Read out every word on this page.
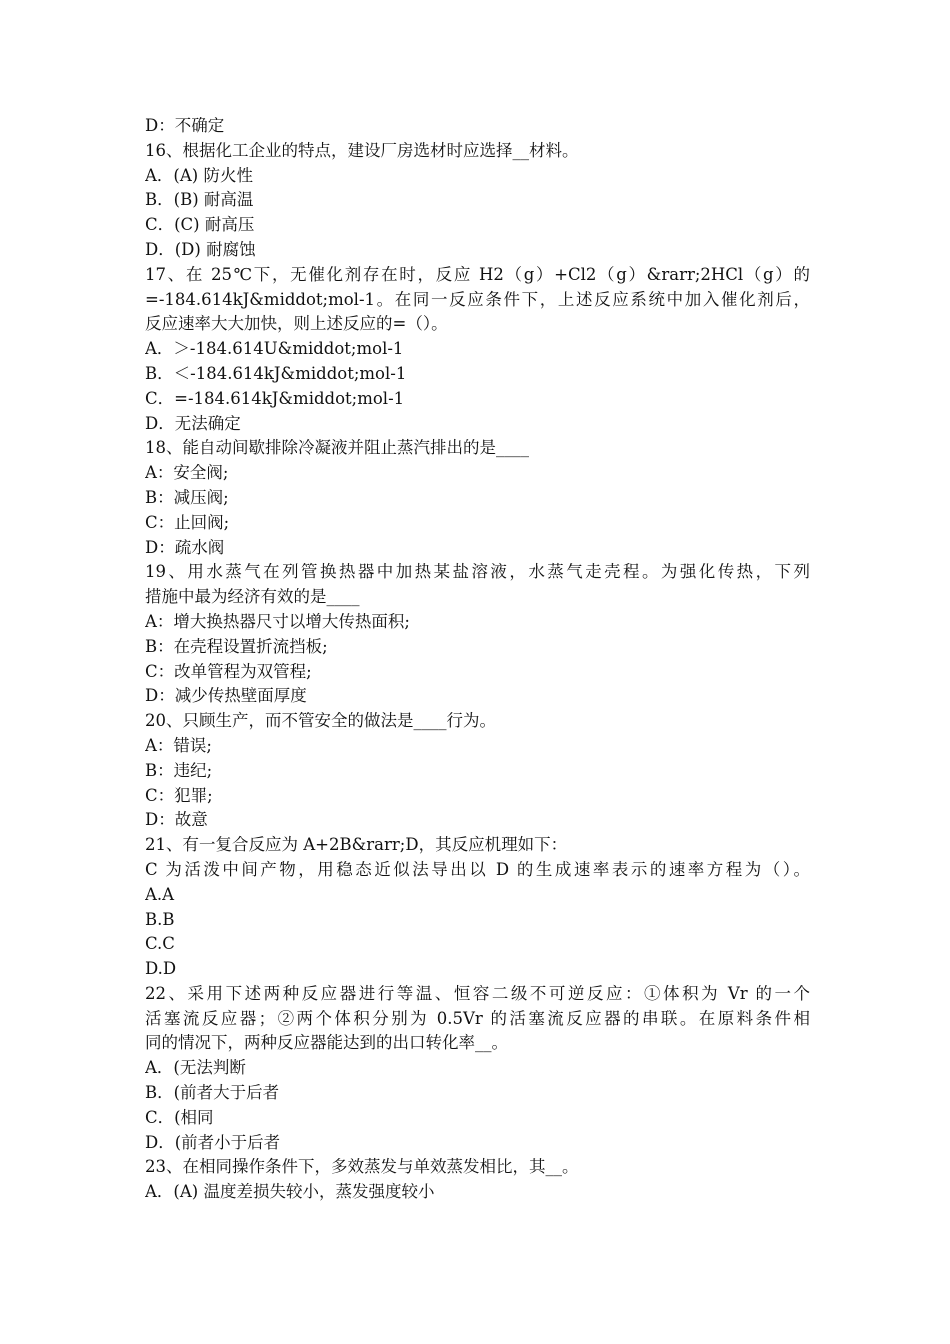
D：不确定
16、根据化工企业的特点，建设厂房选材时应选择__材料。
A．(A) 防火性
B．(B) 耐高温
C．(C) 耐高压
D．(D) 耐腐蚀
17、在 25℃下，无催化剂存在时，反应 H2（g）+Cl2（g）&rarr;2HCl（g）的
=-184.614kJ&middot;mol-1。在同一反应条件下，上述反应系统中加入催化剂后，
反应速率大大加快，则上述反应的=（）。
A．＞-184.614U&middot;mol-1
B．＜-184.614kJ&middot;mol-1
C．=-184.614kJ&middot;mol-1
D．无法确定
18、能自动间歇排除冷凝液并阻止蒸汽排出的是____
A：安全阀;
B：减压阀;
C：止回阀;
D：疏水阀
19、用水蒸气在列管换热器中加热某盐溶液，水蒸气走壳程。为强化传热，下列
措施中最为经济有效的是____
A：增大换热器尺寸以增大传热面积;
B：在壳程设置折流挡板;
C：改单管程为双管程;
D：减少传热壁面厚度
20、只顾生产，而不管安全的做法是____行为。
A：错误;
B：违纪;
C：犯罪;
D：故意
21、有一复合反应为 A+2B&rarr;D，其反应机理如下：
C 为活泼中间产物，用稳态近似法导出以 D 的生成速率表示的速率方程为（）。
A.A
B.B
C.C
D.D
22、采用下述两种反应器进行等温、恒容二级不可逆反应：①体积为 Vr 的一个
活塞流反应器；②两个体积分别为 0.5Vr 的活塞流反应器的串联。在原料条件相
同的情况下，两种反应器能达到的出口转化率__。
A．(无法判断
B．(前者大于后者
C．(相同
D．(前者小于后者
23、在相同操作条件下，多效蒸发与单效蒸发相比，其__。
A．(A) 温度差损失较小，蒸发强度较小
